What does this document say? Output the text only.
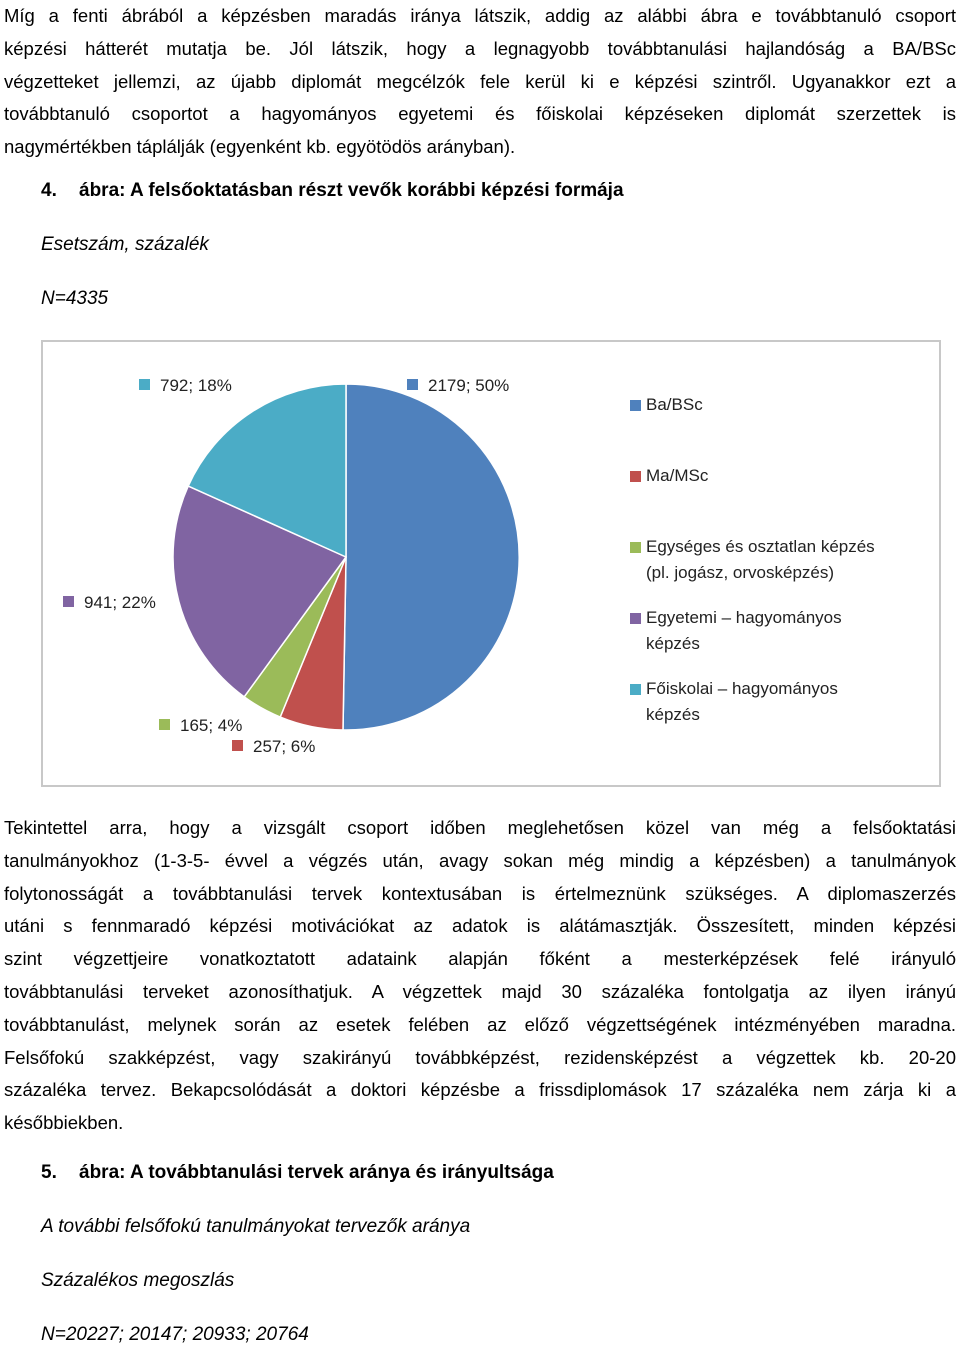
Míg a fenti ábrából a képzésben maradás iránya látszik, addig az alábbi ábra e továbbtanuló csoport
képzési hátterét mutatja be. Jól látszik, hogy a legnagyobb továbbtanulási hajlandóság a BA/BSc
végzetteket jellemzi, az újabb diplomát megcélzók fele kerül ki e képzési szintről. Ugyanakkor ezt a
továbbtanuló csoportot a hagyományos egyetemi és főiskolai képzéseken diplomát szerzettek is
nagymértékben táplálják (egyenként kb. egyötödös arányban).
4. ábra: A felsőoktatásban részt vevők korábbi képzési formája
Esetszám, százalék
N=4335
2179; 50%
257; 6%
165; 4%
941; 22%
792; 18%
Ba/BSc
Ma/MSc
Egységes és osztatlan képzés
(pl. jogász, orvosképzés)
Egyetemi – hagyományos
képzés
Főiskolai – hagyományos
képzés
Tekintettel arra, hogy a vizsgált csoport időben meglehetősen közel van még a felsőoktatási
tanulmányokhoz (1-3-5- évvel a végzés után, avagy sokan még mindig a képzésben) a tanulmányok
folytonosságát a továbbtanulási tervek kontextusában is értelmeznünk szükséges. A diplomaszerzés
utáni s fennmaradó képzési motivációkat az adatok is alátámasztják. Összesített, minden képzési
szint végzettjeire vonatkoztatott adataink alapján főként a mesterképzések felé irányuló
továbbtanulási terveket azonosíthatjuk. A végzettek majd 30 százaléka fontolgatja az ilyen irányú
továbbtanulást, melynek során az esetek felében az előző végzettségének intézményében maradna.
Felsőfokú szakképzést, vagy szakirányú továbbképzést, rezidensképzést a végzettek kb. 20-20
százaléka tervez. Bekapcsolódását a doktori képzésbe a frissdiplomások 17 százaléka nem zárja ki a
későbbiekben.
5. ábra: A továbbtanulási tervek aránya és irányultsága
A további felsőfokú tanulmányokat tervezők aránya
Százalékos megoszlás
N=20227; 20147; 20933; 20764
